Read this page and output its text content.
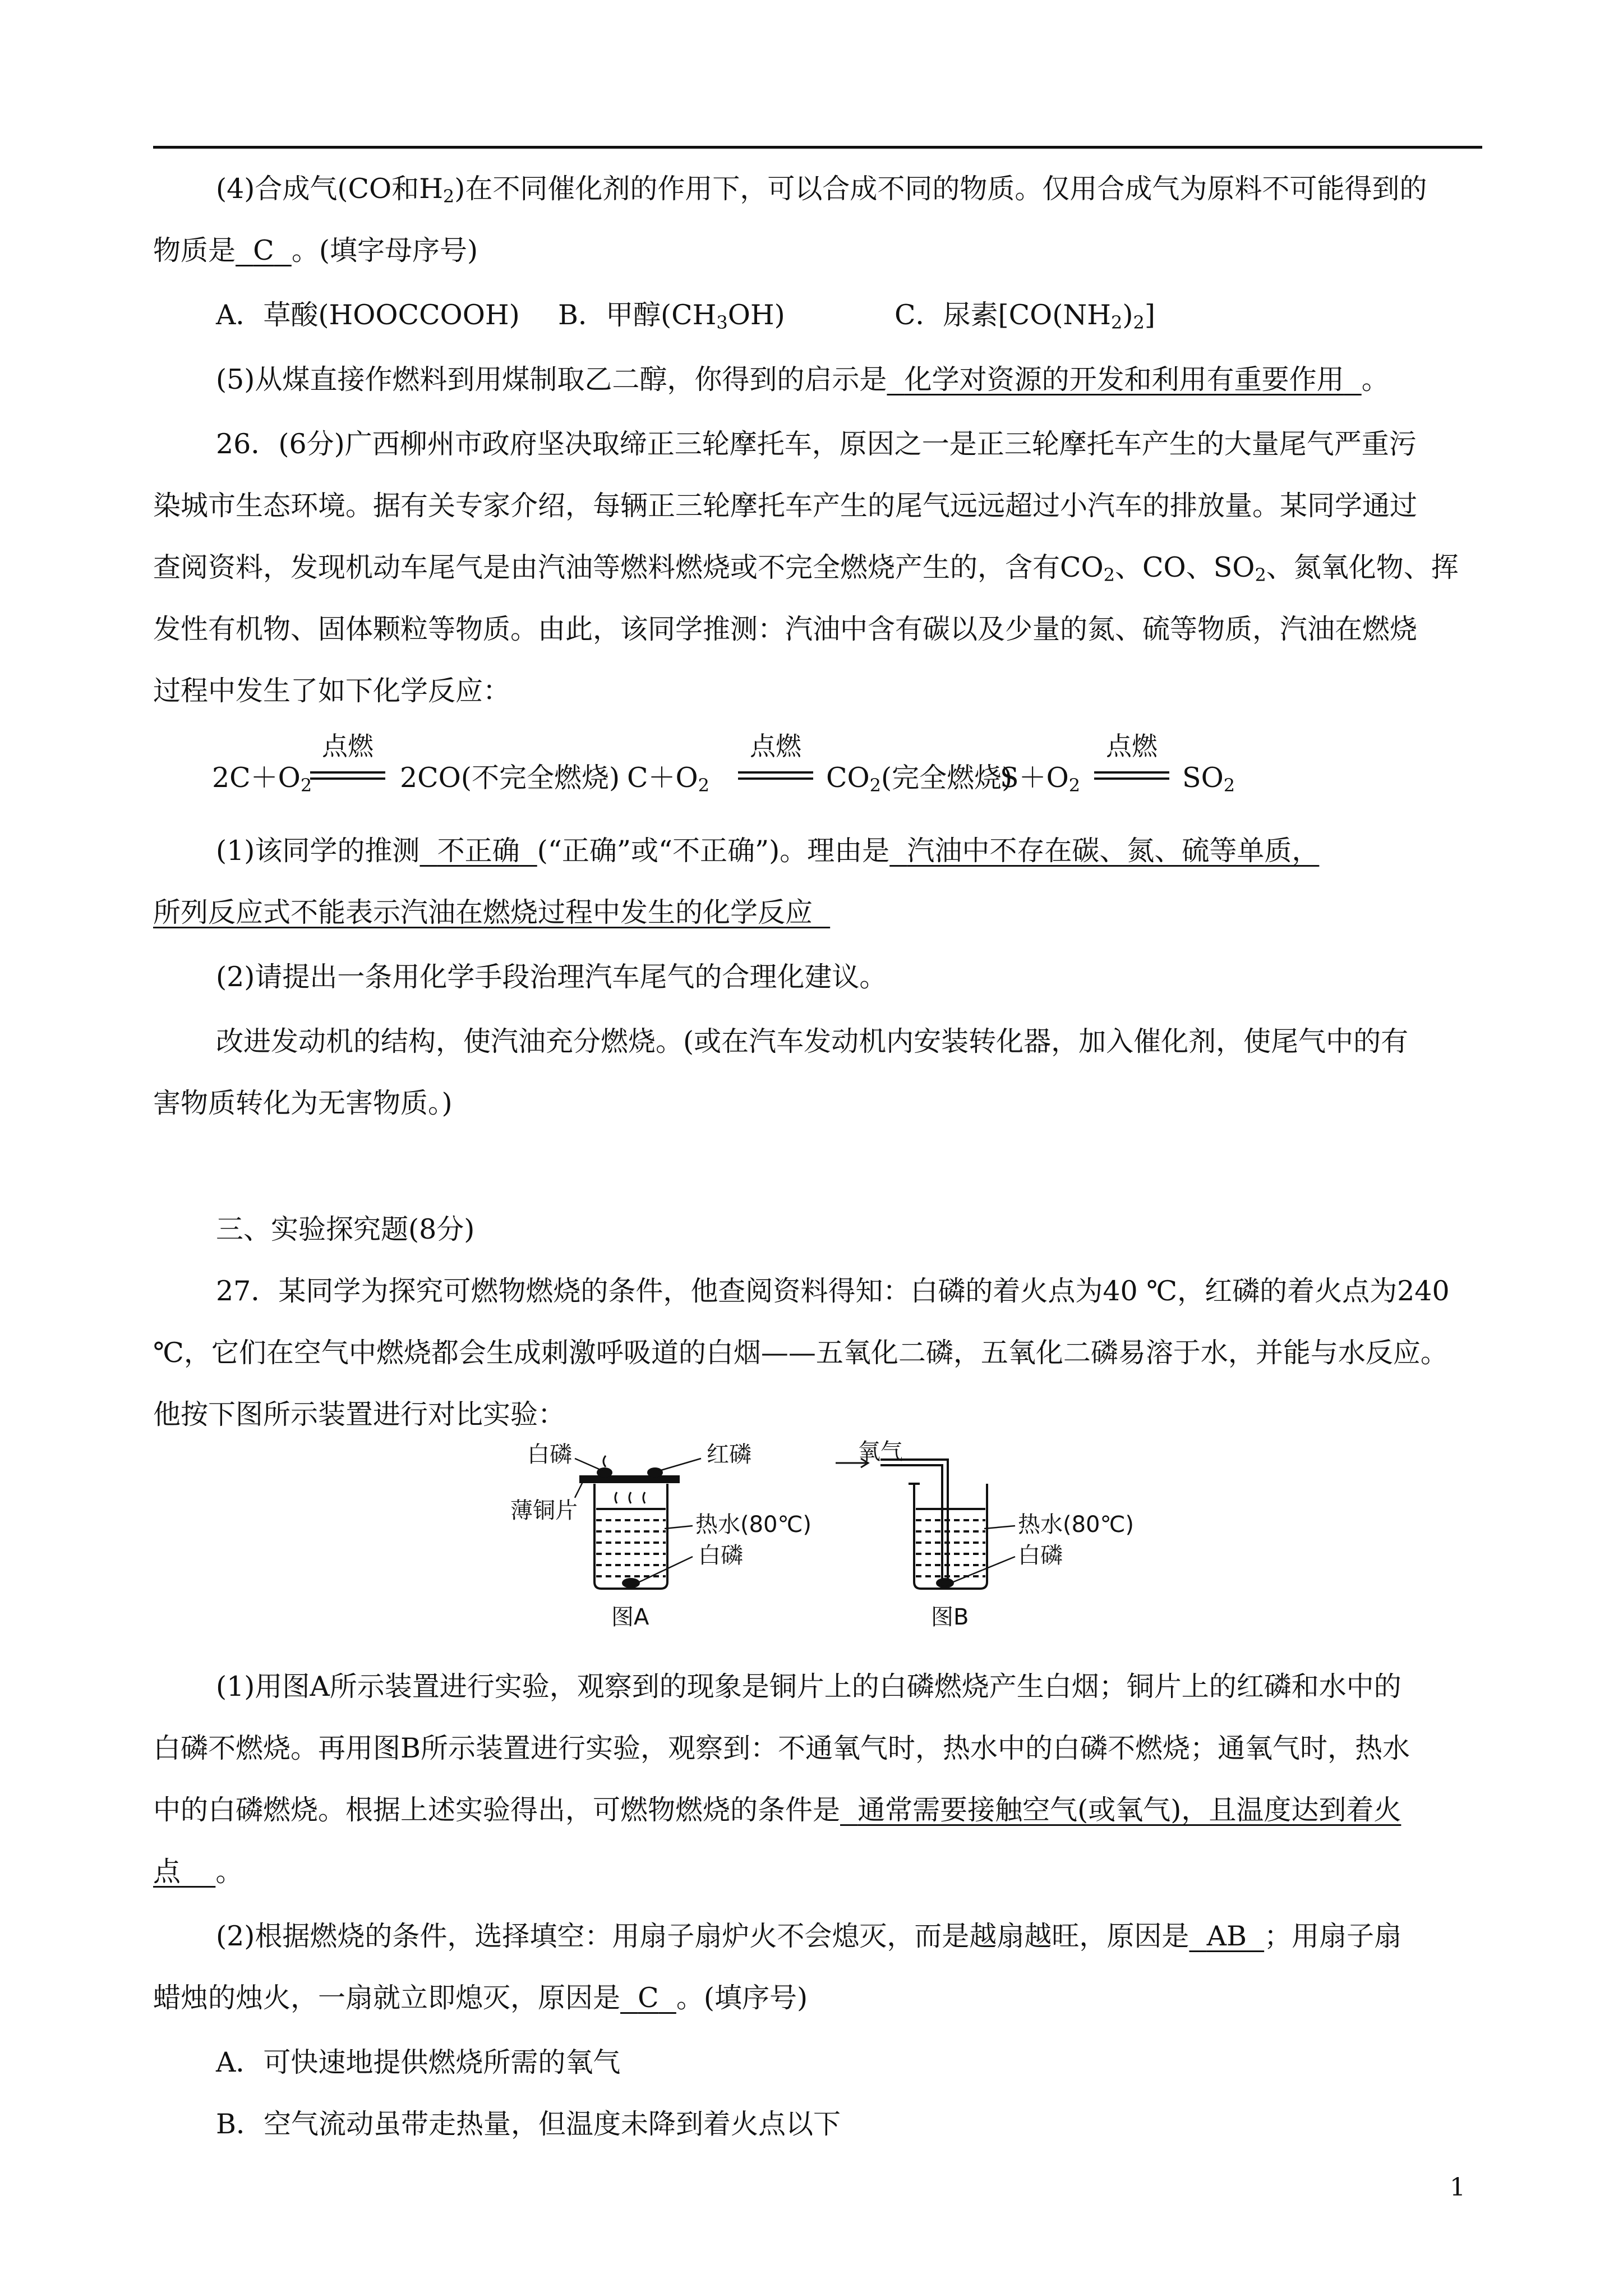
(4)合成气(CO和$H_2$)在不同催化剂的作用下，可以合成不同的物质。仅用合成气为原料不可能得到的
物质是 C 。(填字母序号)
A．草酸(HOOCCOOH) B．甲醇$(CH_3OH)$	C．尿素$[CO(NH_2)_2]$
(5)从煤直接作燃料到用煤制取乙二醇，你得到的启示是 化学对资源的开发和利用有重要作用 。
26．(6分)广西柳州市政府坚决取缔正三轮摩托车，原因之一是正三轮摩托车产生的大量尾气严重污
染城市生态环境。据有关专家介绍，每辆正三轮摩托车产生的尾气远远超过小汽车的排放量。某同学通过
查阅资料，发现机动车尾气是由汽油等燃料燃烧或不完全燃烧产生的，含有$CO_2$、CO、$SO_2$、氮氧化物、挥
发性有机物、固体颗粒等物质。由此，该同学推测：汽油中含有碳以及少量的氮、硫等物质，汽油在燃烧
过程中发生了如下化学反应：
$2C+O_2$
点燃
2CO(不完全燃烧) $C+O_2$
点燃
$CO_2$(完全燃烧)
$S+O_2$
点燃
$SO_2$
(1)该同学的推测 不正确 (“正确”或“不正确”)。理由是 汽油中不存在碳、氮、硫等单质，
所列反应式不能表示汽油在燃烧过程中发生的化学反应
(2)请提出一条用化学手段治理汽车尾气的合理化建议。
改进发动机的结构，使汽油充分燃烧。(或在汽车发动机内安装转化器，加入催化剂，使尾气中的有
害物质转化为无害物质。)
三、实验探究题(8分)
27．某同学为探究可燃物燃烧的条件，他查阅资料得知：白磷的着火点为40 ℃，红磷的着火点为240
℃，它们在空气中燃烧都会生成刺激呼吸道的白烟——五氧化二磷，五氧化二磷易溶于水，并能与水反应。
他按下图所示装置进行对比实验：
白磷	红磷
薄铜片
热水(80℃)
白磷
图A
氧气
热水(80℃)
白磷
图B
(1)用图A所示装置进行实验，观察到的现象是铜片上的白磷燃烧产生白烟；铜片上的红磷和水中的
白磷不燃烧。再用图B所示装置进行实验，观察到：不通氧气时，热水中的白磷不燃烧；通氧气时，热水
中的白磷燃烧。根据上述实验得出，可燃物燃烧的条件是 通常需要接触空气(或氧气)，且温度达到着火
点 。
(2)根据燃烧的条件，选择填空：用扇子扇炉火不会熄灭，而是越扇越旺，原因是 AB ；用扇子扇
蜡烛的烛火，一扇就立即熄灭，原因是 C 。(填序号)
A．可快速地提供燃烧所需的氧气
B．空气流动虽带走热量，但温度未降到着火点以下
1
